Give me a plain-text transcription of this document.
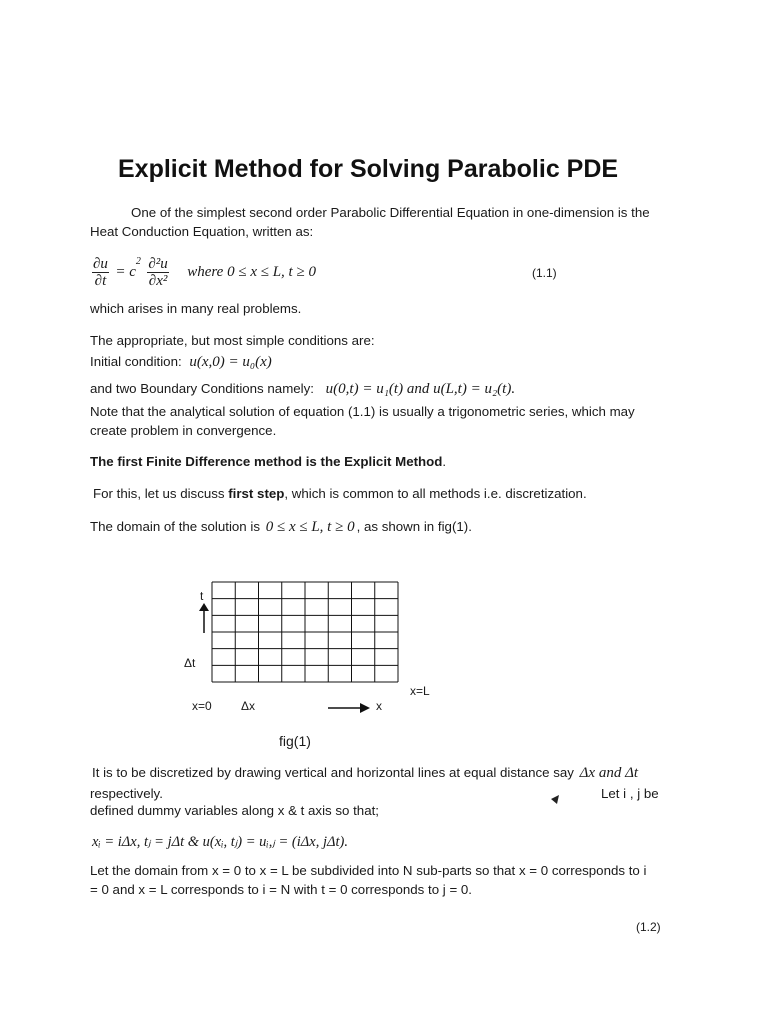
Explicit Method for Solving Parabolic PDE
One of the simplest second order Parabolic Differential Equation in one-dimension is the
Heat Conduction Equation, written as:
$\frac{\partial u}{\partial t} = c^2 \frac{\text{∂²u}}{\text{∂x²}}$ where 0 ≤ x ≤ L, t ≥ 0	(1.1)
which arises in many real problems.
The appropriate, but most simple conditions are:
Initial condition: u(x,0) = u₀(x)
and two Boundary Conditions namely: u(0,t) = u₁(t) and u(L,t) = u₂(t).
Note that the analytical solution of equation (1.1) is usually a trigonometric series, which may
create problem in convergence.
The first Finite Difference method is the Explicit Method.
For this, let us discuss first step, which is common to all methods i.e. discretization.
The domain of the solution is 0 ≤ x ≤ L, t ≥ 0 , as shown in fig(1).
t
Δt
x=L
x=0 Δx	x
fig(1)
It is to be discretized by drawing vertical and horizontal lines at equal distance say Δx and Δt
respectively.	Let i , j be
defined dummy variables along x & t axis so that;
xᵢ = iΔx, tⱼ = jΔt & u(xᵢ, tⱼ) = uᵢ,ⱼ = (iΔx, jΔt).
Let the domain from x = 0 to x = L be subdivided into N sub-parts so that x = 0 corresponds to i
= 0 and x = L corresponds to i = N with t = 0 corresponds to j = 0.
(1.2)
